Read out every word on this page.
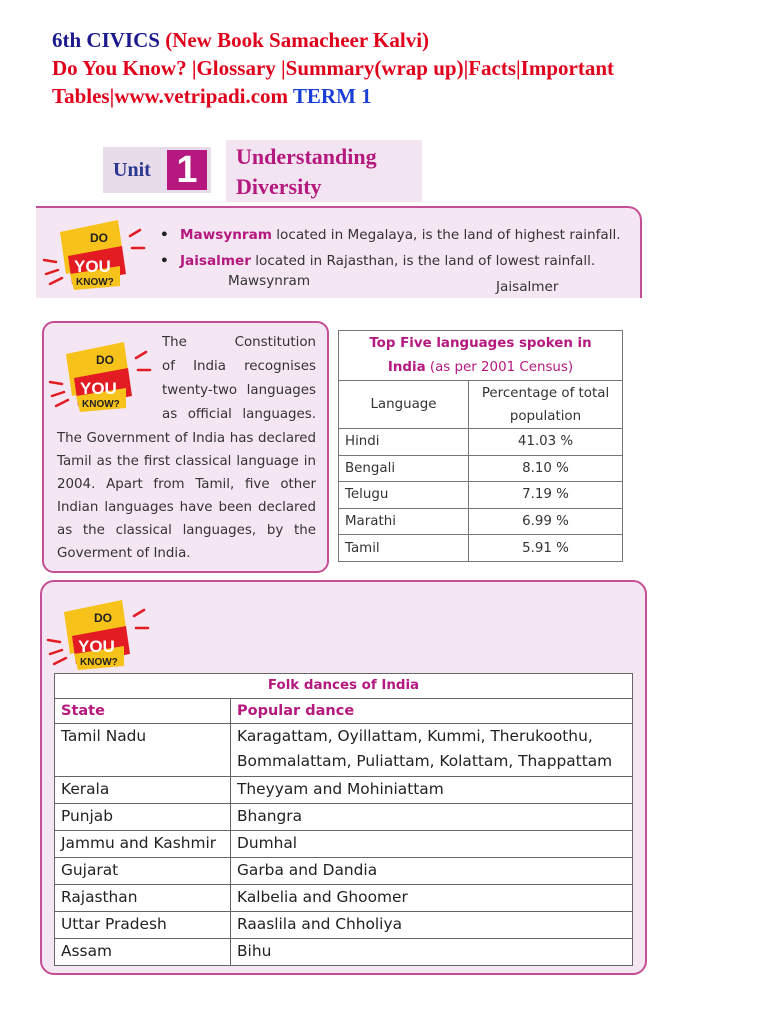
6th CIVICS (New Book Samacheer Kalvi)
Do You Know? |Glossary |Summary(wrap up)|Facts|Important
Tables|www.vetripadi.com TERM 1
Unit 1	Understanding
Diversity
DO
YOU
KNOW?
• Mawsynram located in Megalaya, is the land of highest rainfall.
• Jaisalmer located in Rajasthan, is the land of lowest rainfall.
Mawsynram	Jaisalmer
DO
YOU
KNOW?
The Constitution
of India recognises
twenty-two languages
as official languages.
The Government of India has declared Tamil as the first classical language in 2004. Apart from Tamil, five other Indian languages have been declared as the classical languages, by the Goverment of India.
Top Five languages spoken in
India (as per 2001 Census)	
Language	Percentage of total population
Hindi	41.03 %
Bengali	8.10 %
Telugu	7.19 %
Marathi	6.99 %
Tamil	5.91 %
DO
YOU
KNOW?
Folk dances of India	
State	Popular dance
Tamil Nadu	Karagattam, Oyillattam, Kummi, Therukoothu, Bommalattam, Puliattam, Kolattam, Thappattam
Kerala	Theyyam and Mohiniattam
Punjab	Bhangra
Jammu and Kashmir	Dumhal
Gujarat	Garba and Dandia
Rajasthan	Kalbelia and Ghoomer
Uttar Pradesh	Raaslila and Chholiya
Assam	Bihu
